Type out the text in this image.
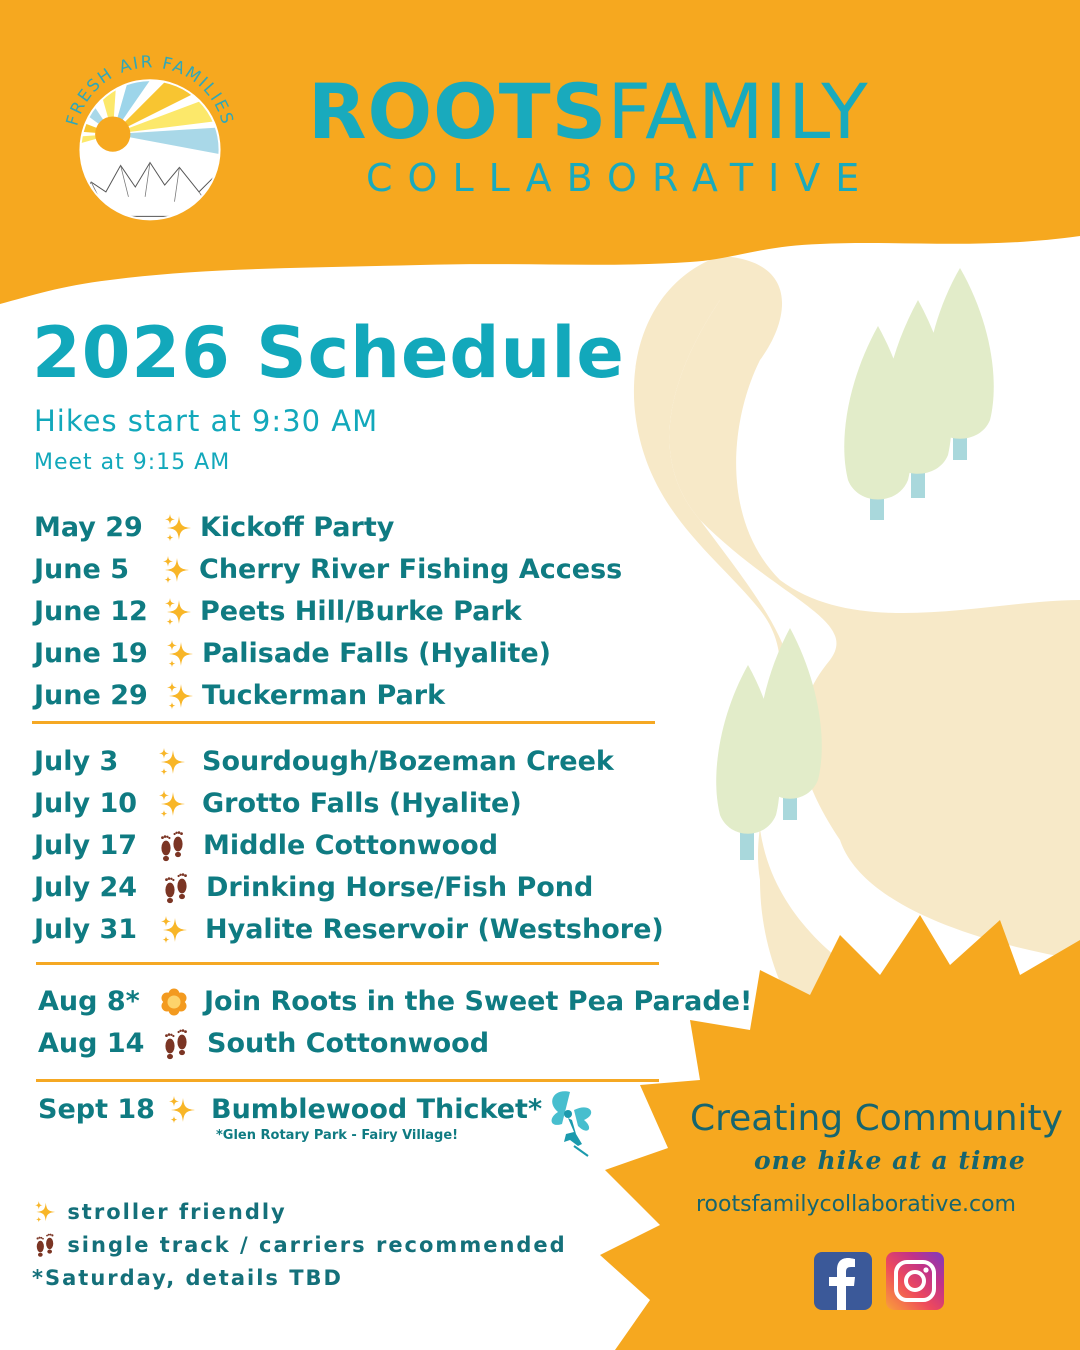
FRESH AIR FAMILIES ROOTSFAMILY
COLLABORATIVE
2026 Schedule
Hikes start at 9:30 AM
Meet at 9:15 AM
May 29 Kickoff Party
June 5	Cherry River Fishing Access
June 12 Peets Hill/Burke Park
June 19 Palisade Falls (Hyalite)
June 29 Tuckerman Park
July 3	Sourdough/Bozeman Creek
July 10 Grotto Falls (Hyalite)
July 17 Middle Cottonwood
July 24	Drinking Horse/Fish Pond
July 31	Hyalite Reservoir (Westshore)
Aug 8* Join Roots in the Sweet Pea Parade!
Aug 14 South Cottonwood
Sept 18 Bumblewood Thicket*
*Glen Rotary Park - Fairy Village!
stroller friendly
single track / carriers recommended
*Saturday, details TBD
Creating Community
one hike at a time
rootsfamilycollaborative.com
